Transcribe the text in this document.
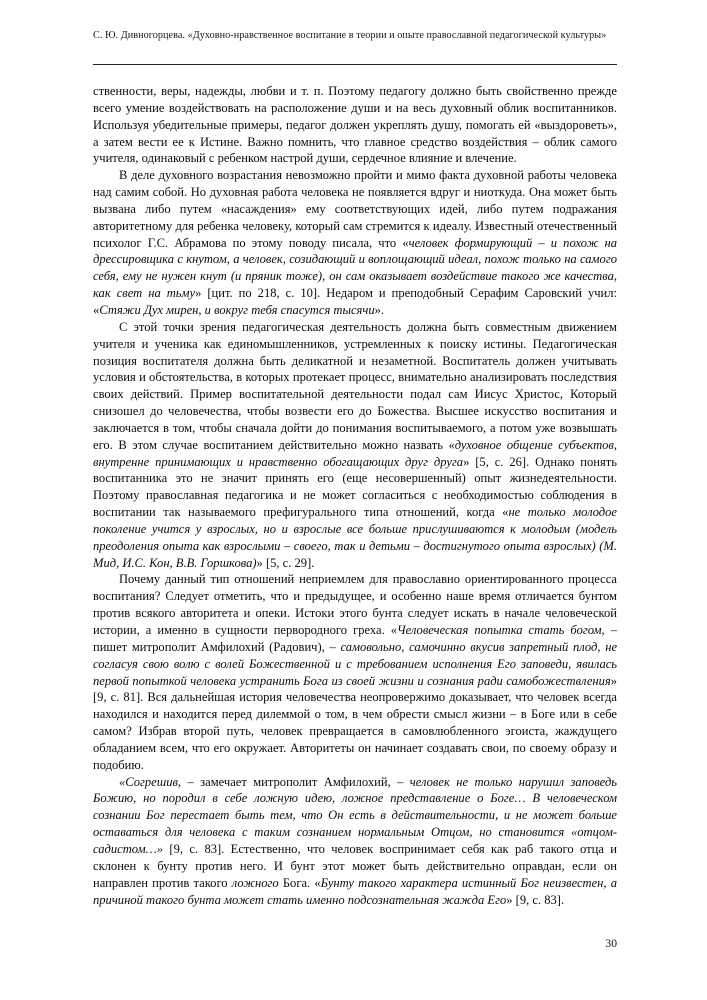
С. Ю. Дивногорцева. «Духовно-нравственное воспитание в теории и опыте православной педагогической культуры»

ственности, веры, надежды, любви и т. п. Поэтому педагогу должно быть свойственно прежде всего умение воздействовать на расположение души и на весь духовный облик воспитанников. Используя убедительные примеры, педагог должен укреплять душу, помогать ей «выздороветь», а затем вести ее к Истине. Важно помнить, что главное средство воздействия – облик самого учителя, одинаковый с ребенком настрой души, сердечное влияние и влечение.

В деле духовного возрастания невозможно пройти и мимо факта духовной работы человека над самим собой. Но духовная работа человека не появляется вдруг и ниоткуда. Она может быть вызвана либо путем «насаждения» ему соответствующих идей, либо путем подражания авторитетному для ребенка человеку, который сам стремится к идеалу. Известный отечественный психолог Г.С. Абрамова по этому поводу писала, что «человек формирующий – и похож на дрессировщика с кнутом, а человек, созидающий и воплощающий идеал, похож только на самого себя, ему не нужен кнут (и пряник тоже), он сам оказывает воздействие такого же качества, как свет на тьму» [цит. по 218, с. 10]. Недаром и преподобный Серафим Саровский учил: «Стяжи Дух мирен, и вокруг тебя спасутся тысячи».

С этой точки зрения педагогическая деятельность должна быть совместным движением учителя и ученика как единомышленников, устремленных к поиску истины. Педагогическая позиция воспитателя должна быть деликатной и незаметной. Воспитатель должен учитывать условия и обстоятельства, в которых протекает процесс, внимательно анализировать последствия своих действий. Пример воспитательной деятельности подал сам Иисус Христос, Который снизошел до человечества, чтобы возвести его до Божества. Высшее искусство воспитания и заключается в том, чтобы сначала дойти до понимания воспитываемого, а потом уже возвышать его. В этом случае воспитанием действительно можно назвать «духовное общение субъектов, внутренне принимающих и нравственно обогащающих друг друга» [5, с. 26]. Однако понять воспитанника это не значит принять его (еще несовершенный) опыт жизнедеятельности. Поэтому православная педагогика и не может согласиться с необходимостью соблюдения в воспитании так называемого префигурального типа отношений, когда «не только молодое поколение учится у взрослых, но и взрослые все больше прислушиваются к молодым (модель преодоления опыта как взрослыми – своего, так и детьми – достигнутого опыта взрослых) (М. Мид, И.С. Кон, В.В. Горшкова)» [5, с. 29].

Почему данный тип отношений неприемлем для православно ориентированного процесса воспитания? Следует отметить, что и предыдущее, и особенно наше время отличается бунтом против всякого авторитета и опеки. Истоки этого бунта следует искать в начале человеческой истории, а именно в сущности первородного греха. «Человеческая попытка стать богом, – пишет митрополит Амфилохий (Радович), – самовольно, самочинно вкусив запретный плод, не согласуя свою волю с волей Божественной и с требованием исполнения Его заповеди, явилась первой попыткой человека устранить Бога из своей жизни и сознания ради самобожествления» [9, с. 81]. Вся дальнейшая история человечества неопровержимо доказывает, что человек всегда находился и находится перед дилеммой о том, в чем обрести смысл жизни – в Боге или в себе самом? Избрав второй путь, человек превращается в самовлюбленного эгоиста, жаждущего обладанием всем, что его окружает. Авторитеты он начинает создавать свои, по своему образу и подобию.

«Согрешив, – замечает митрополит Амфилохий, – человек не только нарушил заповедь Божию, но породил в себе ложную идею, ложное представление о Боге… В человеческом сознании Бог перестает быть тем, что Он есть в действительности, и не может больше оставаться для человека с таким сознанием нормальным Отцом, но становится «отцом-садистом…» [9, с. 83]. Естественно, что человек воспринимает себя как раб такого отца и склонен к бунту против него. И бунт этот может быть действительно оправдан, если он направлен против такого ложного Бога. «Бунту такого характера истинный Бог неизвестен, а причиной такого бунта может стать именно подсознательная жажда Его» [9, с. 83].

30
